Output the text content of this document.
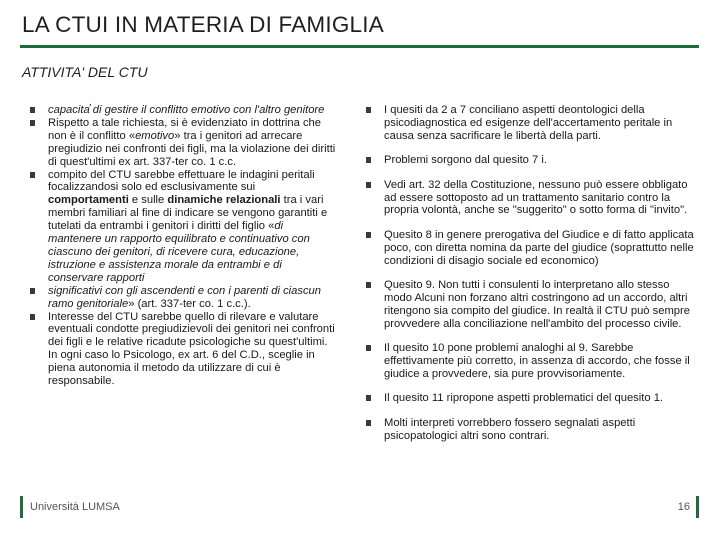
LA CTUI IN MATERIA DI FAMIGLIA
ATTIVITA' DEL CTU
capacita̕ di gestire il conflitto emotivo con l'altro genitore
Rispetto a tale richiesta, si è evidenziato in dottrina che non è il conflitto «emotivo» tra i genitori ad arrecare pregiudizio nei confronti dei figli, ma la violazione dei diritti di quest'ultimi ex art. 337-ter co. 1 c.c.
compito del CTU sarebbe effettuare le indagini peritali focalizzandosi solo ed esclusivamente sui comportamenti e sulle dinamiche relazionali tra i vari membri familiari al fine di indicare se vengono garantiti e tutelati da entrambi i genitori i diritti del figlio «di mantenere un rapporto equilibrato e continuativo con ciascuno dei genitori, di ricevere cura, educazione, istruzione e assistenza morale da entrambi e di conservare rapporti
significativi con gli ascendenti e con i parenti di ciascun ramo genitoriale» (art. 337-ter co. 1 c.c.).
Interesse del CTU sarebbe quello di rilevare e valutare eventuali condotte pregiudizievoli dei genitori nei confronti dei figli e le relative ricadute psicologiche su quest'ultimi. In ogni caso lo Psicologo, ex art. 6 del C.D., sceglie in piena autonomia il metodo da utilizzare di cui è responsabile.
I quesiti da 2 a 7 conciliano aspetti deontologici della psicodiagnostica ed esigenze dell'accertamento peritale in causa senza sacrificare le libertà della parti.
Problemi sorgono dal quesito 7 i.
Vedi art. 32 della Costituzione, nessuno può essere obbligato ad essere sottoposto ad un trattamento sanitario contro la propria volontà, anche se "suggerito" o sotto forma di "invito".
Quesito 8 in genere prerogativa del Giudice e di fatto applicata poco, con diretta nomina da parte del giudice (soprattutto nelle condizioni di disagio sociale ed economico)
Quesito 9. Non tutti i consulenti lo interpretano allo stesso modo Alcuni non forzano altri costringono ad un accordo, altri ritengono sia compito del giudice. In realtà il CTU può sempre provvedere alla conciliazione nell'ambito del processo civile.
Il quesito 10 pone problemi analoghi al 9. Sarebbe effettivamente più corretto, in assenza di accordo, che fosse il giudice a provvedere, sia pure provvisoriamente.
Il quesito 11 ripropone aspetti problematici del quesito 1.
Molti interpreti vorrebbero fossero segnalati aspetti psicopatologici altri sono contrari.
Università LUMSA	16
